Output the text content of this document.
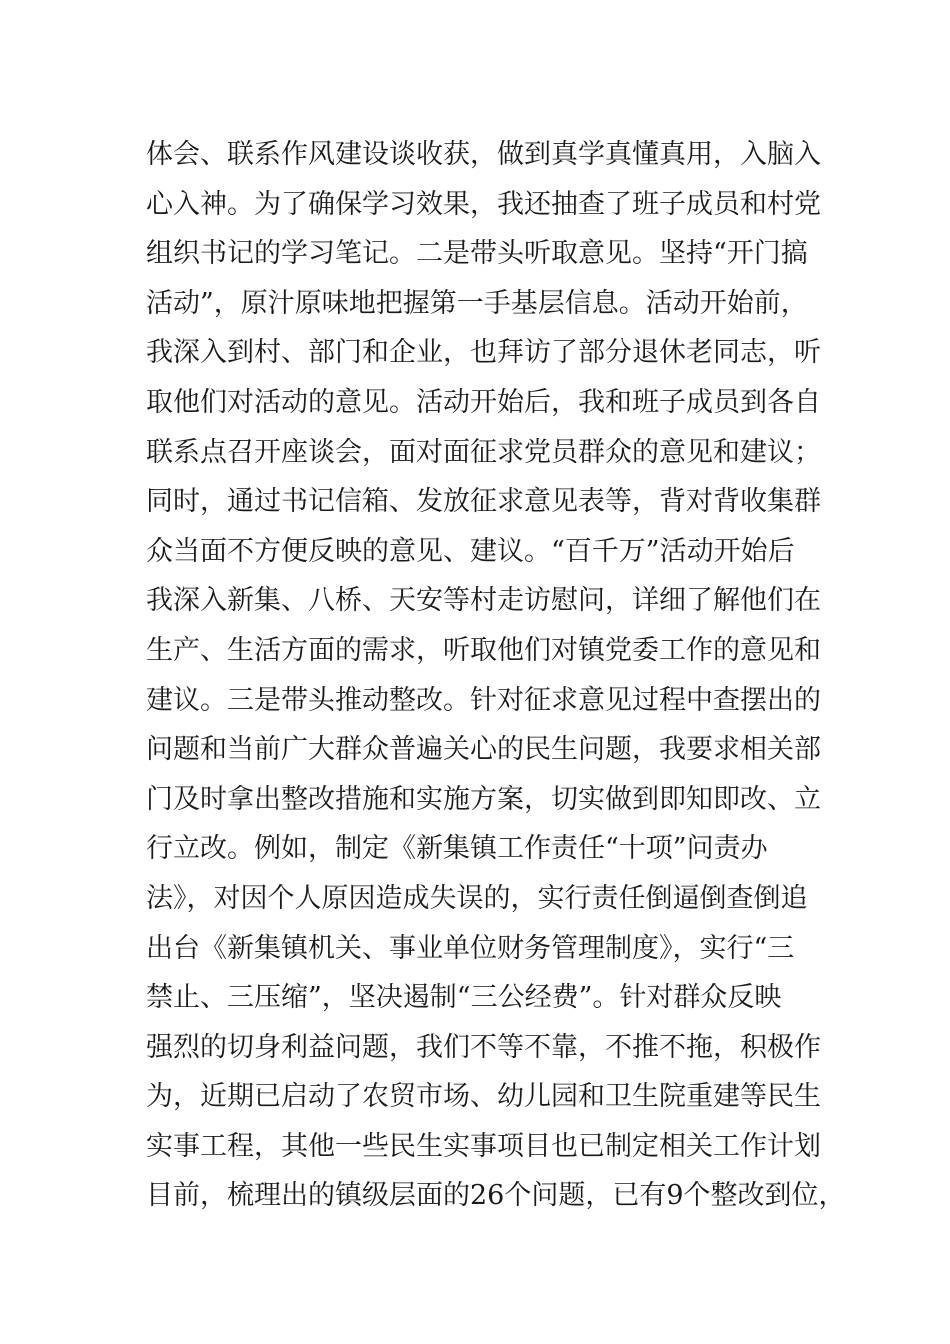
体会、联系作风建设谈收获，做到真学真懂真用，入脑入
心入神。为了确保学习效果，我还抽查了班子成员和村党
组织书记的学习笔记。二是带头听取意见。坚持“开门搞
活动”，原汁原味地把握第一手基层信息。活动开始前，
我深入到村、部门和企业，也拜访了部分退休老同志，听
取他们对活动的意见。活动开始后，我和班子成员到各自
联系点召开座谈会，面对面征求党员群众的意见和建议；
同时，通过书记信箱、发放征求意见表等，背对背收集群
众当面不方便反映的意见、建议。“百千万”活动开始后
我深入新集、八桥、天安等村走访慰问，详细了解他们在
生产、生活方面的需求，听取他们对镇党委工作的意见和
建议。三是带头推动整改。针对征求意见过程中查摆出的
问题和当前广大群众普遍关心的民生问题，我要求相关部
门及时拿出整改措施和实施方案，切实做到即知即改、立
行立改。例如，制定《新集镇工作责任“十项”问责办
法》，对因个人原因造成失误的，实行责任倒逼倒查倒追
出台《新集镇机关、事业单位财务管理制度》，实行“三
禁止、三压缩”，坚决遏制“三公经费”。针对群众反映
强烈的切身利益问题，我们不等不靠，不推不拖，积极作
为，近期已启动了农贸市场、幼儿园和卫生院重建等民生
实事工程，其他一些民生实事项目也已制定相关工作计划
目前，梳理出的镇级层面的26个问题，已有9个整改到位，
